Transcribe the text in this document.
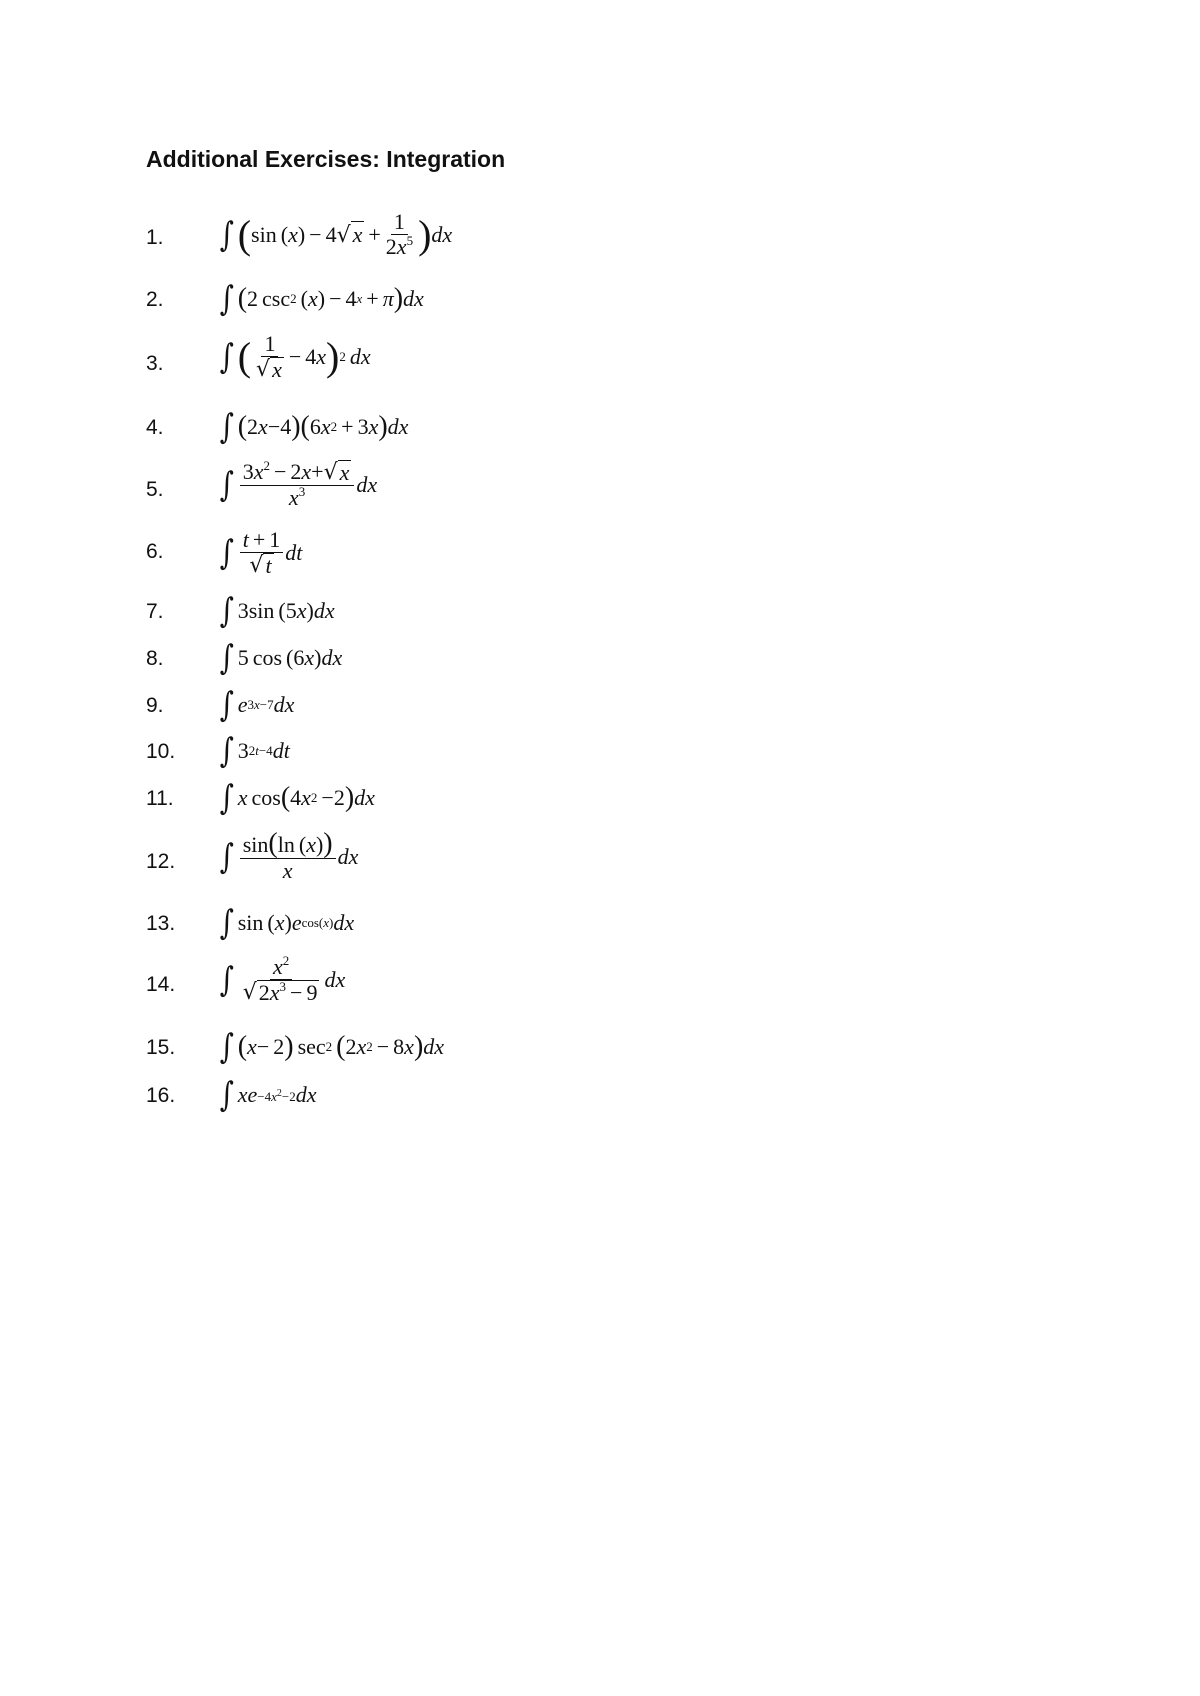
Additional Exercises: Integration
1. ∫ ( sin ( x ) − 4 √ $x + \frac{1}{2x^5}$ ) dx
2. ∫ ( 2 csc 2 ( x ) − 4 x + π ) dx
3. ∫ ( $\frac{1}{√ x} - 4$ x ) 2 dx
4. ∫ ( 2 x −4 )( 6 x 2 + 3 x ) dx
5. ∫ $\frac{3x^2 - 2x+ √ x}{x^3}$ dx
6. ∫ $\frac{t + 1}{√ t}$ dt
7. ∫ 3sin (5 x ) dx
8. ∫ 5 cos (6 x ) dx
9. ∫ e 3x−7 dx
10. ∫ 3 2t−4 dt
11. ∫ x cos ( 4 x 2 −2 ) dx
12. ∫ $\frac{\sin(\ln (x))}{x}$ dx
13. ∫ sin ( x ) e cos(x) dx
14. ∫ $\frac{x^2}{√ 2x^3 - 9}$ dx
15. ∫ ( x − 2 ) sec 2 ( 2 x 2 − 8 x ) dx
16. ∫ xe $-4x^2-2$ dx
